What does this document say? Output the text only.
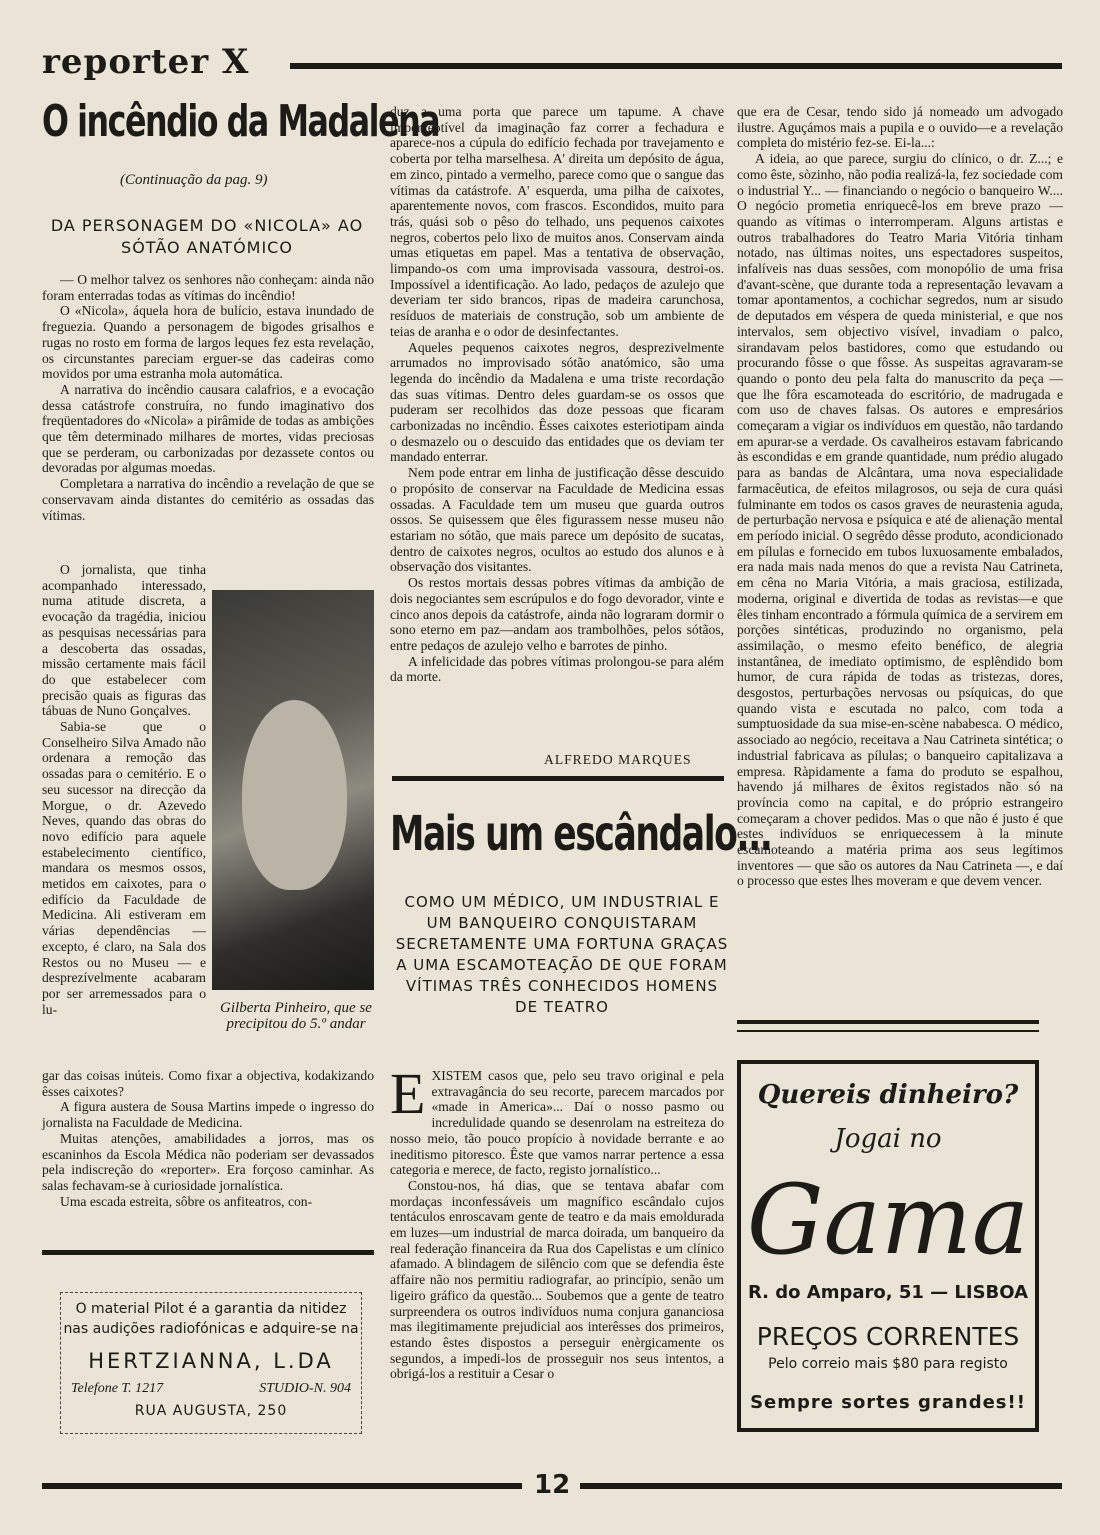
reporter X
O incêndio da Madalena
(Continuação da pag. 9)
DA PERSONAGEM DO «NICOLA» AO SÓTÃO ANATÓMICO

— O melhor talvez os senhores não conheçam: ainda não foram enterradas todas as vítimas do incêndio!

O «Nicola», áquela hora de bulício, estava inundado de freguezia. Quando a personagem de bigodes grisalhos e rugas no rosto em forma de largos leques fez esta revelação, os circunstantes pareciam erguer-se das cadeiras como movidos por uma estranha mola automática.

A narrativa do incêndio causara calafrios, e a evocação dessa catástrofe construíra, no fundo imaginativo dos freqüentadores do «Nicola» a pirâmide de todas as ambições que têm determinado milhares de mortes, vidas preciosas que se perderam, ou carbonizadas por dezassete contos ou devoradas por algumas moedas.

Completara a narrativa do incêndio a revelação de que se conservavam ainda distantes do cemitério as ossadas das vítimas.

O jornalista, que tinha acompanhado interessado, numa atitude discreta, a evocação da tragédia, iniciou as pesquisas necessárias para a descoberta das ossadas, missão certamente mais fácil do que estabelecer com precisão quais as figuras das tábuas de Nuno Gonçalves.

Sabia-se que o Conselheiro Silva Amado não ordenara a remoção das ossadas para o cemitério. E o seu sucessor na direcção da Morgue, o dr. Azevedo Neves, quando das obras do novo edifício para aquele estabelecimento científico, mandara os mesmos ossos, metidos em caixotes, para o edifício da Faculdade de Medicina. Ali estiveram em várias dependências — excepto, é claro, na Sala dos Restos ou no Museu — e desprezívelmente acabaram por ser arremessados para o lu-	Gilberta Pinheiro, que se precipitou do 5.º andar

gar das coisas inúteis. Como fixar a objectiva, kodakizando êsses caixotes?

A figura austera de Sousa Martins impede o ingresso do jornalista na Faculdade de Medicina.

Muitas atenções, amabilidades a jorros, mas os escaninhos da Escola Médica não poderiam ser devassados pela indiscreção do «reporter». Era forçoso caminhar. As salas fechavam-se à curiosidade jornalística.

Uma escada estreita, sôbre os anfiteatros, con-

O material Pilot é a garantia da nitidez
nas audições radiofónicas e adquire-se na
HERTZIANNA, L.DA
Telefone T. 1217	STUDIO-N. 904
RUA AUGUSTA, 250

duz a uma porta que parece um tapume. A chave imperceptível da imaginação faz correr a fechadura e aparece-nos a cúpula do edifício fechada por travejamento e coberta por telha marselhesa. A' direita um depósito de água, em zinco, pintado a vermelho, parece como que o sangue das vítimas da catástrofe. A' esquerda, uma pilha de caixotes, aparentemente novos, com frascos. Escondidos, muito para trás, quási sob o pêso do telhado, uns pequenos caixotes negros, cobertos pelo lixo de muitos anos. Conservam ainda umas etiquetas em papel. Mas a tentativa de observação, limpando-os com uma improvisada vassoura, destroi-os. Impossível a identificação. Ao lado, pedaços de azulejo que deveriam ter sido brancos, ripas de madeira carunchosa, resíduos de materiais de construção, sob um ambiente de teias de aranha e o odor de desinfectantes.

Aqueles pequenos caixotes negros, desprezivelmente arrumados no improvisado sótão anatómico, são uma legenda do incêndio da Madalena e uma triste recordação das suas vítimas. Dentro deles guardam-se os ossos que puderam ser recolhidos das doze pessoas que ficaram carbonizadas no incêndio. Êsses caixotes esteriotipam ainda o desmazelo ou o descuido das entidades que os deviam ter mandado enterrar.

Nem pode entrar em linha de justificação dêsse descuido o propósito de conservar na Faculdade de Medicina essas ossadas. A Faculdade tem um museu que guarda outros ossos. Se quisessem que êles figurassem nesse museu não estariam no sótão, que mais parece um depósito de sucatas, dentro de caixotes negros, ocultos ao estudo dos alunos e à observação dos visitantes.

Os restos mortais dessas pobres vítimas da ambição de dois negociantes sem escrúpulos e do fogo devorador, vinte e cinco anos depois da catástrofe, ainda não lograram dormir o sono eterno em paz—andam aos trambolhões, pelos sótãos, entre pedaços de azulejo velho e barrotes de pinho.

A infelicidade das pobres vítimas prolongou-se para além da morte.

ALFREDO MARQUES
Mais um escândalo...
COMO UM MÉDICO, UM INDUSTRIAL E UM BANQUEIRO CONQUISTARAM SECRETAMENTE UMA FORTUNA GRAÇAS A UMA ESCAMOTEAÇÃO DE QUE FORAM VÍTIMAS TRÊS CONHECIDOS HOMENS DE TEATRO

EXISTEM casos que, pelo seu travo original e pela extravagância do seu recorte, parecem marcados por «made in America»... Daí o nosso pasmo ou incredulidade quando se desenrolam na estreiteza do nosso meio, tão pouco propício à novidade berrante e ao ineditismo pitoresco. Êste que vamos narrar pertence a essa categoria e merece, de facto, registo jornalístico...

Constou-nos, há dias, que se tentava abafar com mordaças inconfessáveis um magnífico escândalo cujos tentáculos enroscavam gente de teatro e da mais emoldurada em luzes—um industrial de marca doirada, um banqueiro da real federação financeira da Rua dos Capelistas e um clínico afamado. A blindagem de silêncio com que se defendia êste affaire não nos permitiu radiografar, ao princípio, senão um ligeiro gráfico da questão... Soubemos que a gente de teatro surpreendera os outros indivíduos numa conjura gananciosa mas ilegitimamente prejudicial aos interêsses dos primeiros, estando êstes dispostos a perseguir enèrgicamente os segundos, a impedi-los de prosseguir nos seus intentos, a obrigá-los a restituir a Cesar o

que era de Cesar, tendo sido já nomeado um advogado ilustre. Aguçámos mais a pupila e o ouvido—e a revelação completa do mistério fez-se. Ei-la...:

A ideia, ao que parece, surgiu do clínico, o dr. Z...; e como êste, sòzinho, não podia realizá-la, fez sociedade com o industrial Y... — financiando o negócio o banqueiro W.... O negócio prometia enriquecê-los em breve prazo — quando as vítimas o interromperam. Alguns artistas e outros trabalhadores do Teatro Maria Vitória tinham notado, nas últimas noites, uns espectadores suspeitos, infalíveis nas duas sessões, com monopólio de uma frisa d'avant-scène, que durante toda a representação levavam a tomar apontamentos, a cochichar segredos, num ar sisudo de deputados em véspera de queda ministerial, e que nos intervalos, sem objectivo visível, invadiam o palco, sirandavam pelos bastidores, como que estudando ou procurando fôsse o que fôsse. As suspeitas agravaram-se quando o ponto deu pela falta do manuscrito da peça — que lhe fôra escamoteada do escritório, de madrugada e com uso de chaves falsas. Os autores e empresários começaram a vigiar os indivíduos em questão, não tardando em apurar-se a verdade. Os cavalheiros estavam fabricando às escondidas e em grande quantidade, num prédio alugado para as bandas de Alcântara, uma nova especialidade farmacêutica, de efeitos milagrosos, ou seja de cura quási fulminante em todos os casos graves de neurastenia aguda, de perturbação nervosa e psíquica e até de alienação mental em período inicial. O segrêdo dêsse produto, acondicionado em pílulas e fornecido em tubos luxuosamente embalados, era nada mais nada menos do que a revista Nau Catrineta, em cêna no Maria Vitória, a mais graciosa, estilizada, moderna, original e divertida de todas as revistas—e que êles tinham encontrado a fórmula química de a servirem em porções sintéticas, produzindo no organismo, pela assimilação, o mesmo efeito benéfico, de alegria instantânea, de imediato optimismo, de esplêndido bom humor, de cura rápida de todas as tristezas, dores, desgostos, perturbações nervosas ou psíquicas, do que quando vista e escutada no palco, com toda a sumptuosidade da sua mise-en-scène nababesca. O médico, associado ao negócio, receitava a Nau Catrineta sintética; o industrial fabricava as pílulas; o banqueiro capitalizava a empresa. Ràpidamente a fama do produto se espalhou, havendo já milhares de êxitos registados não só na província como na capital, e do próprio estrangeiro começaram a chover pedidos. Mas o que não é justo é que estes indivíduos se enriquecessem à la minute escamoteando a matéria prima aos seus legítimos inventores — que são os autores da Nau Catrineta —, e daí o processo que estes lhes moveram e que devem vencer.

Quereis dinheiro?
Jogai no
Gama
R. do Amparo, 51 — LISBOA
PREÇOS CORRENTES
Pelo correio mais $80 para registo
Sempre sortes grandes!!
12
